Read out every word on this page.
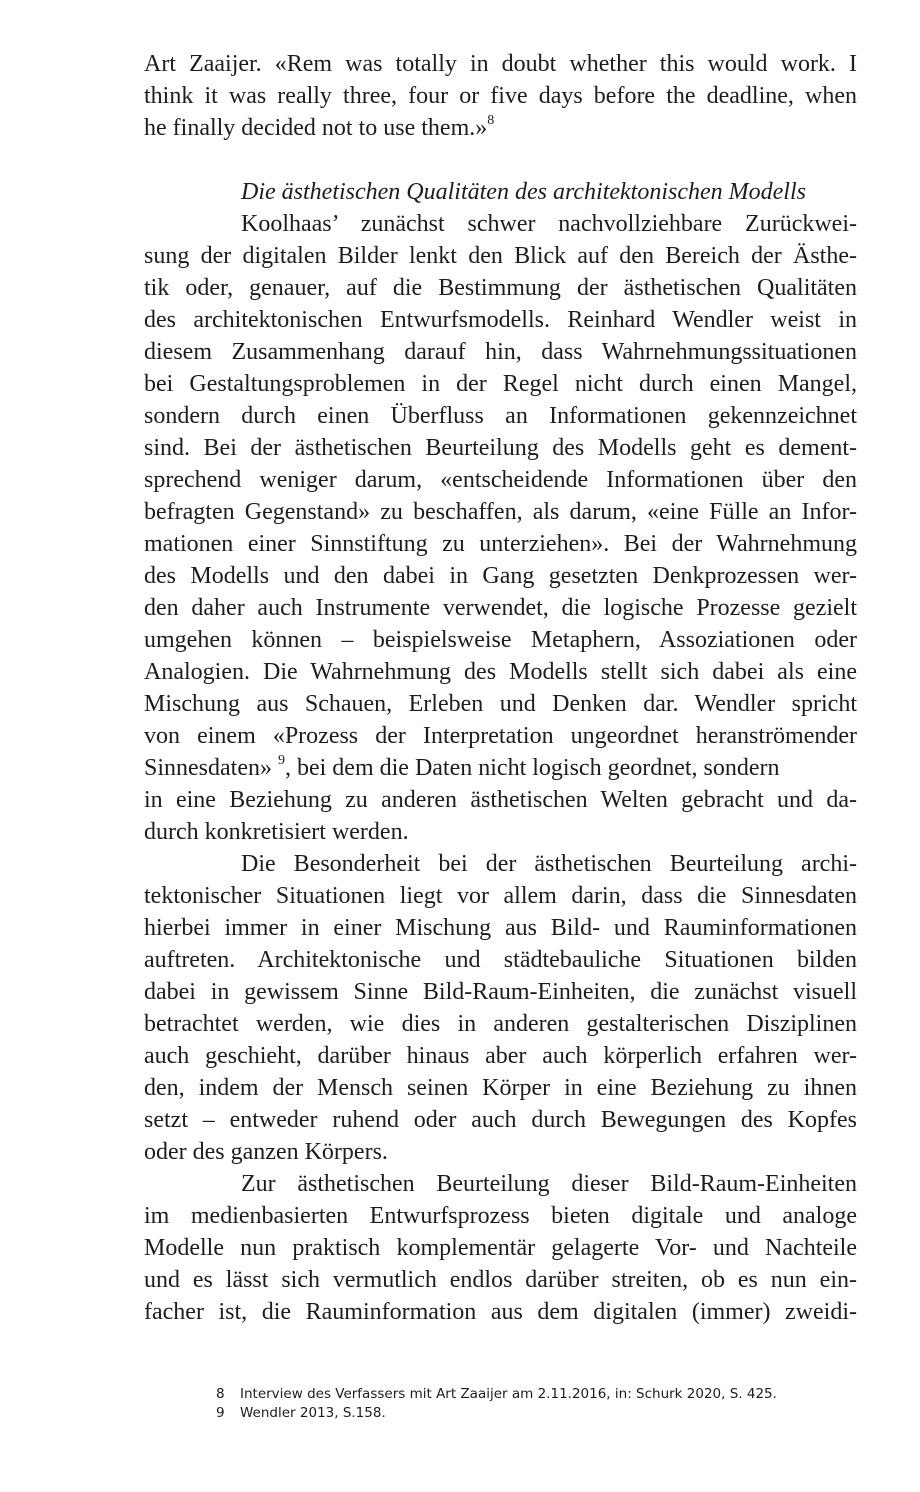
Art Zaaijer. «Rem was totally in doubt whether this would work. I
think it was really three, four or five days before the deadline, when
he finally decided not to use them.»$^8$
Die ästhetischen Qualitäten des architektonischen Modells
Koolhaas’ zunächst schwer nachvollziehbare Zurückwei-
sung der digitalen Bilder lenkt den Blick auf den Bereich der Ästhe-
tik oder, genauer, auf die Bestimmung der ästhetischen Qualitäten
des architektonischen Entwurfsmodells. Reinhard Wendler weist in
diesem Zusammenhang darauf hin, dass Wahrnehmungssituationen
bei Gestaltungsproblemen in der Regel nicht durch einen Mangel,
sondern durch einen Überfluss an Informationen gekennzeichnet
sind. Bei der ästhetischen Beurteilung des Modells geht es dement-
sprechend weniger darum, «entscheidende Informationen über den
befragten Gegenstand» zu beschaffen, als darum, «eine Fülle an Infor-
mationen einer Sinnstiftung zu unterziehen». Bei der Wahrnehmung
des Modells und den dabei in Gang gesetzten Denkprozessen wer-
den daher auch Instrumente verwendet, die logische Prozesse gezielt
umgehen können – beispielsweise Metaphern, Assoziationen oder
Analogien. Die Wahrnehmung des Modells stellt sich dabei als eine
Mischung aus Schauen, Erleben und Denken dar. Wendler spricht
von einem «Prozess der Interpretation ungeordnet heranströmender
Sinnesdaten» $^9$, bei dem die Daten nicht logisch geordnet, sondern
in eine Beziehung zu anderen ästhetischen Welten gebracht und da-
durch konkretisiert werden.
Die Besonderheit bei der ästhetischen Beurteilung archi-
tektonischer Situationen liegt vor allem darin, dass die Sinnesdaten
hierbei immer in einer Mischung aus Bild- und Rauminformationen
auftreten. Architektonische und städtebauliche Situationen bilden
dabei in gewissem Sinne Bild-Raum-Einheiten, die zunächst visuell
betrachtet werden, wie dies in anderen gestalterischen Disziplinen
auch geschieht, darüber hinaus aber auch körperlich erfahren wer-
den, indem der Mensch seinen Körper in eine Beziehung zu ihnen
setzt – entweder ruhend oder auch durch Bewegungen des Kopfes
oder des ganzen Körpers.
Zur ästhetischen Beurteilung dieser Bild-Raum-Einheiten
im medienbasierten Entwurfsprozess bieten digitale und analoge
Modelle nun praktisch komplementär gelagerte Vor- und Nachteile
und es lässt sich vermutlich endlos darüber streiten, ob es nun ein-
facher ist, die Rauminformation aus dem digitalen (immer) zweidi-
8 Interview des Verfassers mit Art Zaaijer am 2.11.2016, in: Schurk 2020, S. 425.
9 Wendler 2013, S.158.
